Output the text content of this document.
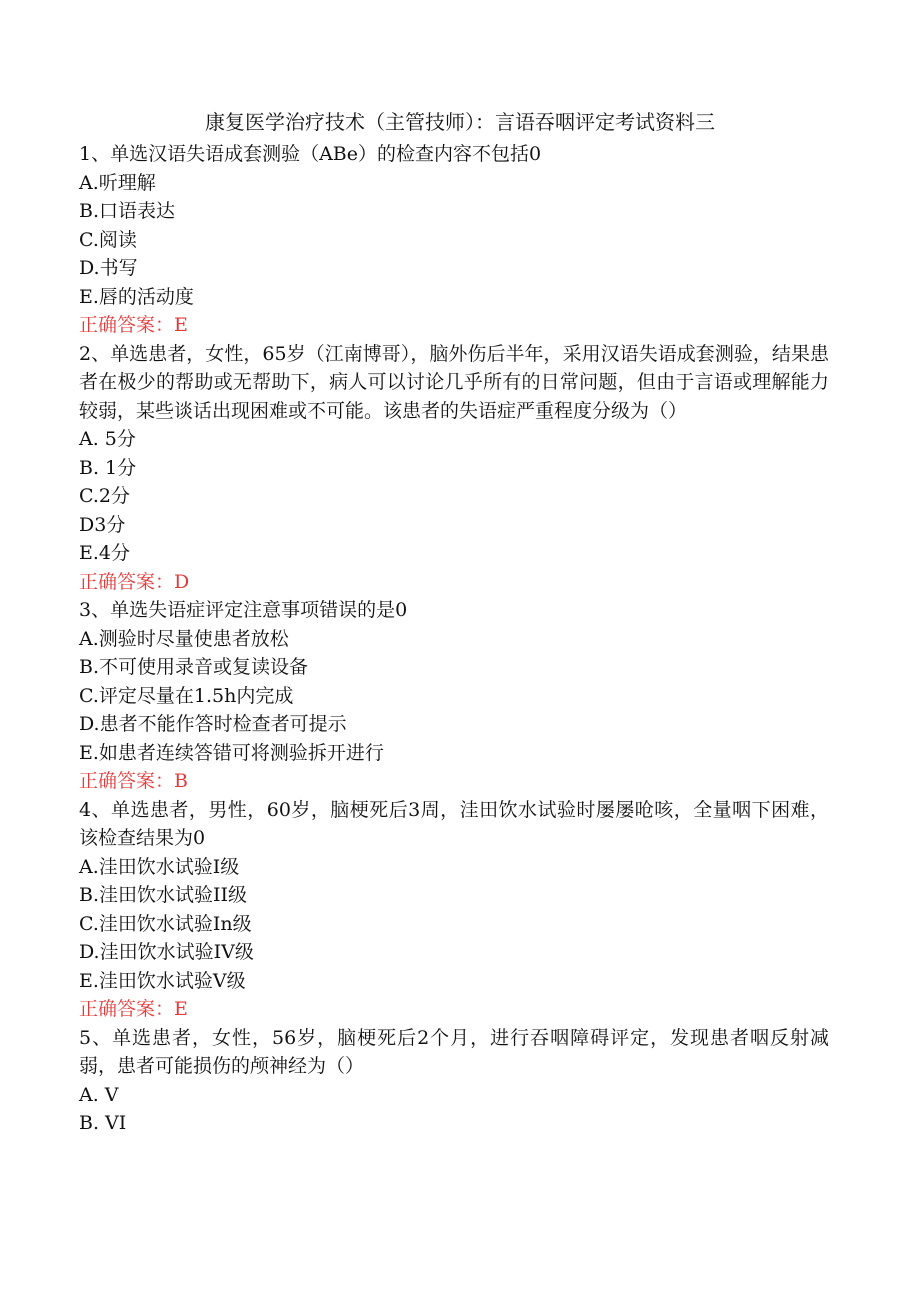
康复医学治疗技术（主管技师）：言语吞咽评定考试资料三
1、单选汉语失语成套测验（ABe）的检查内容不包括0
A.听理解
B.口语表达
C.阅读
D.书写
E.唇的活动度
正确答案：E
2、单选患者，女性，65岁（江南博哥），脑外伤后半年，采用汉语失语成套测验，结果患者在极少的帮助或无帮助下，病人可以讨论几乎所有的日常问题，但由于言语或理解能力较弱，某些谈话出现困难或不可能。该患者的失语症严重程度分级为（）
A. 5分
B. 1分
C.2分
D3分
E.4分
正确答案：D
3、单选失语症评定注意事项错误的是0
A.测验时尽量使患者放松
B.不可使用录音或复读设备
C.评定尽量在1.5h内完成
D.患者不能作答时检查者可提示
E.如患者连续答错可将测验拆开进行
正确答案：B
4、单选患者，男性，60岁，脑梗死后3周，洼田饮水试验时屡屡呛咳，全量咽下困难，该检查结果为0
A.洼田饮水试验I级
B.洼田饮水试验II级
C.洼田饮水试验In级
D.洼田饮水试验IV级
E.洼田饮水试验V级
正确答案：E
5、单选患者，女性，56岁，脑梗死后2个月，进行吞咽障碍评定，发现患者咽反射减弱，患者可能损伤的颅神经为（）
A. V
B. VI
